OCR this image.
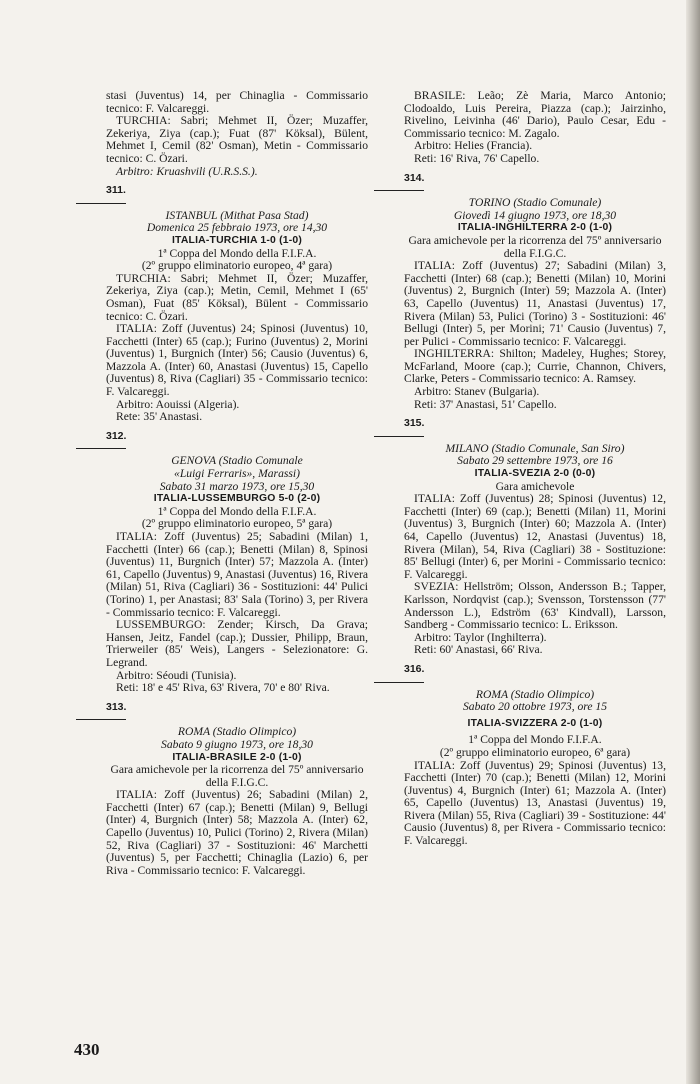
stasi (Juventus) 14, per Chinaglia - Commissario tecnico: F. Valcareggi.

TURCHIA: Sabri; Mehmet II, Özer; Muzaffer, Zekeriya, Ziya (cap.); Fuat (87' Köksal), Bülent, Mehmet I, Cemil (82' Osman), Metin - Commissario tecnico: C. Özari.

Arbitro: Kruashvili (U.R.S.S.).

311.

ISTANBUL (Mithat Pasa Stad)

Domenica 25 febbraio 1973, ore 14,30

ITALIA-TURCHIA 1-0 (1-0)

1ª Coppa del Mondo della F.I.F.A.

(2º gruppo eliminatorio europeo, 4ª gara)

TURCHIA: Sabri; Mehmet II, Özer; Muzaffer, Zekeriya, Ziya (cap.); Metin, Cemil, Mehmet I (65' Osman), Fuat (85' Köksal), Bülent - Commissario tecnico: C. Özari.

ITALIA: Zoff (Juventus) 24; Spinosi (Juventus) 10, Facchetti (Inter) 65 (cap.); Furino (Juventus) 2, Morini (Juventus) 1, Burgnich (Inter) 56; Causio (Juventus) 6, Mazzola A. (Inter) 60, Anastasi (Juventus) 15, Capello (Juventus) 8, Riva (Cagliari) 35 - Commissario tecnico: F. Valcareggi.

Arbitro: Aouissi (Algeria).

Rete: 35' Anastasi.

312.

GENOVA (Stadio Comunale

«Luigi Ferraris», Marassi)

Sabato 31 marzo 1973, ore 15,30

ITALIA-LUSSEMBURGO 5-0 (2-0)

1ª Coppa del Mondo della F.I.F.A.

(2º gruppo eliminatorio europeo, 5ª gara)

ITALIA: Zoff (Juventus) 25; Sabadini (Milan) 1, Facchetti (Inter) 66 (cap.); Benetti (Milan) 8, Spinosi (Juventus) 11, Burgnich (Inter) 57; Mazzola A. (Inter) 61, Capello (Juventus) 9, Anastasi (Juventus) 16, Rivera (Milan) 51, Riva (Cagliari) 36 - Sostituzioni: 44' Pulici (Torino) 1, per Anastasi; 83' Sala (Torino) 3, per Rivera - Commissario tecnico: F. Valcareggi.

LUSSEMBURGO: Zender; Kirsch, Da Grava; Hansen, Jeitz, Fandel (cap.); Dussier, Philipp, Braun, Trierweiler (85' Weis), Langers - Selezionatore: G. Legrand.

Arbitro: Séoudi (Tunisia).

Reti: 18' e 45' Riva, 63' Rivera, 70' e 80' Riva.

313.

ROMA (Stadio Olimpico)

Sabato 9 giugno 1973, ore 18,30

ITALIA-BRASILE 2-0 (1-0)

Gara amichevole per la ricorrenza del 75º anniversario della F.I.G.C.

ITALIA: Zoff (Juventus) 26; Sabadini (Milan) 2, Facchetti (Inter) 67 (cap.); Benetti (Milan) 9, Bellugi (Inter) 4, Burgnich (Inter) 58; Mazzola A. (Inter) 62, Capello (Juventus) 10, Pulici (Torino) 2, Rivera (Milan) 52, Riva (Cagliari) 37 - Sostituzioni: 46' Marchetti (Juventus) 5, per Facchetti; Chinaglia (Lazio) 6, per Riva - Commissario tecnico: F. Valcareggi.

BRASILE: Leão; Zè Maria, Marco Antonio; Clodoaldo, Luis Pereira, Piazza (cap.); Jairzinho, Rivelino, Leivinha (46' Dario), Paulo Cesar, Edu - Commissario tecnico: M. Zagalo.

Arbitro: Helies (Francia).

Reti: 16' Riva, 76' Capello.

314.

TORINO (Stadio Comunale)

Giovedì 14 giugno 1973, ore 18,30

ITALIA-INGHILTERRA 2-0 (1-0)

Gara amichevole per la ricorrenza del 75º anniversario della F.I.G.C.

ITALIA: Zoff (Juventus) 27; Sabadini (Milan) 3, Facchetti (Inter) 68 (cap.); Benetti (Milan) 10, Morini (Juventus) 2, Burgnich (Inter) 59; Mazzola A. (Inter) 63, Capello (Juventus) 11, Anastasi (Juventus) 17, Rivera (Milan) 53, Pulici (Torino) 3 - Sostituzioni: 46' Bellugi (Inter) 5, per Morini; 71' Causio (Juventus) 7, per Pulici - Commissario tecnico: F. Valcareggi.

INGHILTERRA: Shilton; Madeley, Hughes; Storey, McFarland, Moore (cap.); Currie, Channon, Chivers, Clarke, Peters - Commissario tecnico: A. Ramsey.

Arbitro: Stanev (Bulgaria).

Reti: 37' Anastasi, 51' Capello.

315.

MILANO (Stadio Comunale, San Siro)

Sabato 29 settembre 1973, ore 16

ITALIA-SVEZIA 2-0 (0-0)

Gara amichevole

ITALIA: Zoff (Juventus) 28; Spinosi (Juventus) 12, Facchetti (Inter) 69 (cap.); Benetti (Milan) 11, Morini (Juventus) 3, Burgnich (Inter) 60; Mazzola A. (Inter) 64, Capello (Juventus) 12, Anastasi (Juventus) 18, Rivera (Milan), 54, Riva (Cagliari) 38 - Sostituzione: 85' Bellugi (Inter) 6, per Morini - Commissario tecnico: F. Valcareggi.

SVEZIA: Hellström; Olsson, Andersson B.; Tapper, Karlsson, Nordqvist (cap.); Svensson, Torstensson (77' Andersson L.), Edström (63' Kindvall), Larsson, Sandberg - Commissario tecnico: L. Eriksson.

Arbitro: Taylor (Inghilterra).

Reti: 60' Anastasi, 66' Riva.

316.

ROMA (Stadio Olimpico)

Sabato 20 ottobre 1973, ore 15

ITALIA-SVIZZERA 2-0 (1-0)

1ª Coppa del Mondo F.I.F.A.

(2º gruppo eliminatorio europeo, 6ª gara)

ITALIA: Zoff (Juventus) 29; Spinosi (Juventus) 13, Facchetti (Inter) 70 (cap.); Benetti (Milan) 12, Morini (Juventus) 4, Burgnich (Inter) 61; Mazzola A. (Inter) 65, Capello (Juventus) 13, Anastasi (Juventus) 19, Rivera (Milan) 55, Riva (Cagliari) 39 - Sostituzione: 44' Causio (Juventus) 8, per Rivera - Commissario tecnico: F. Valcareggi.

430
